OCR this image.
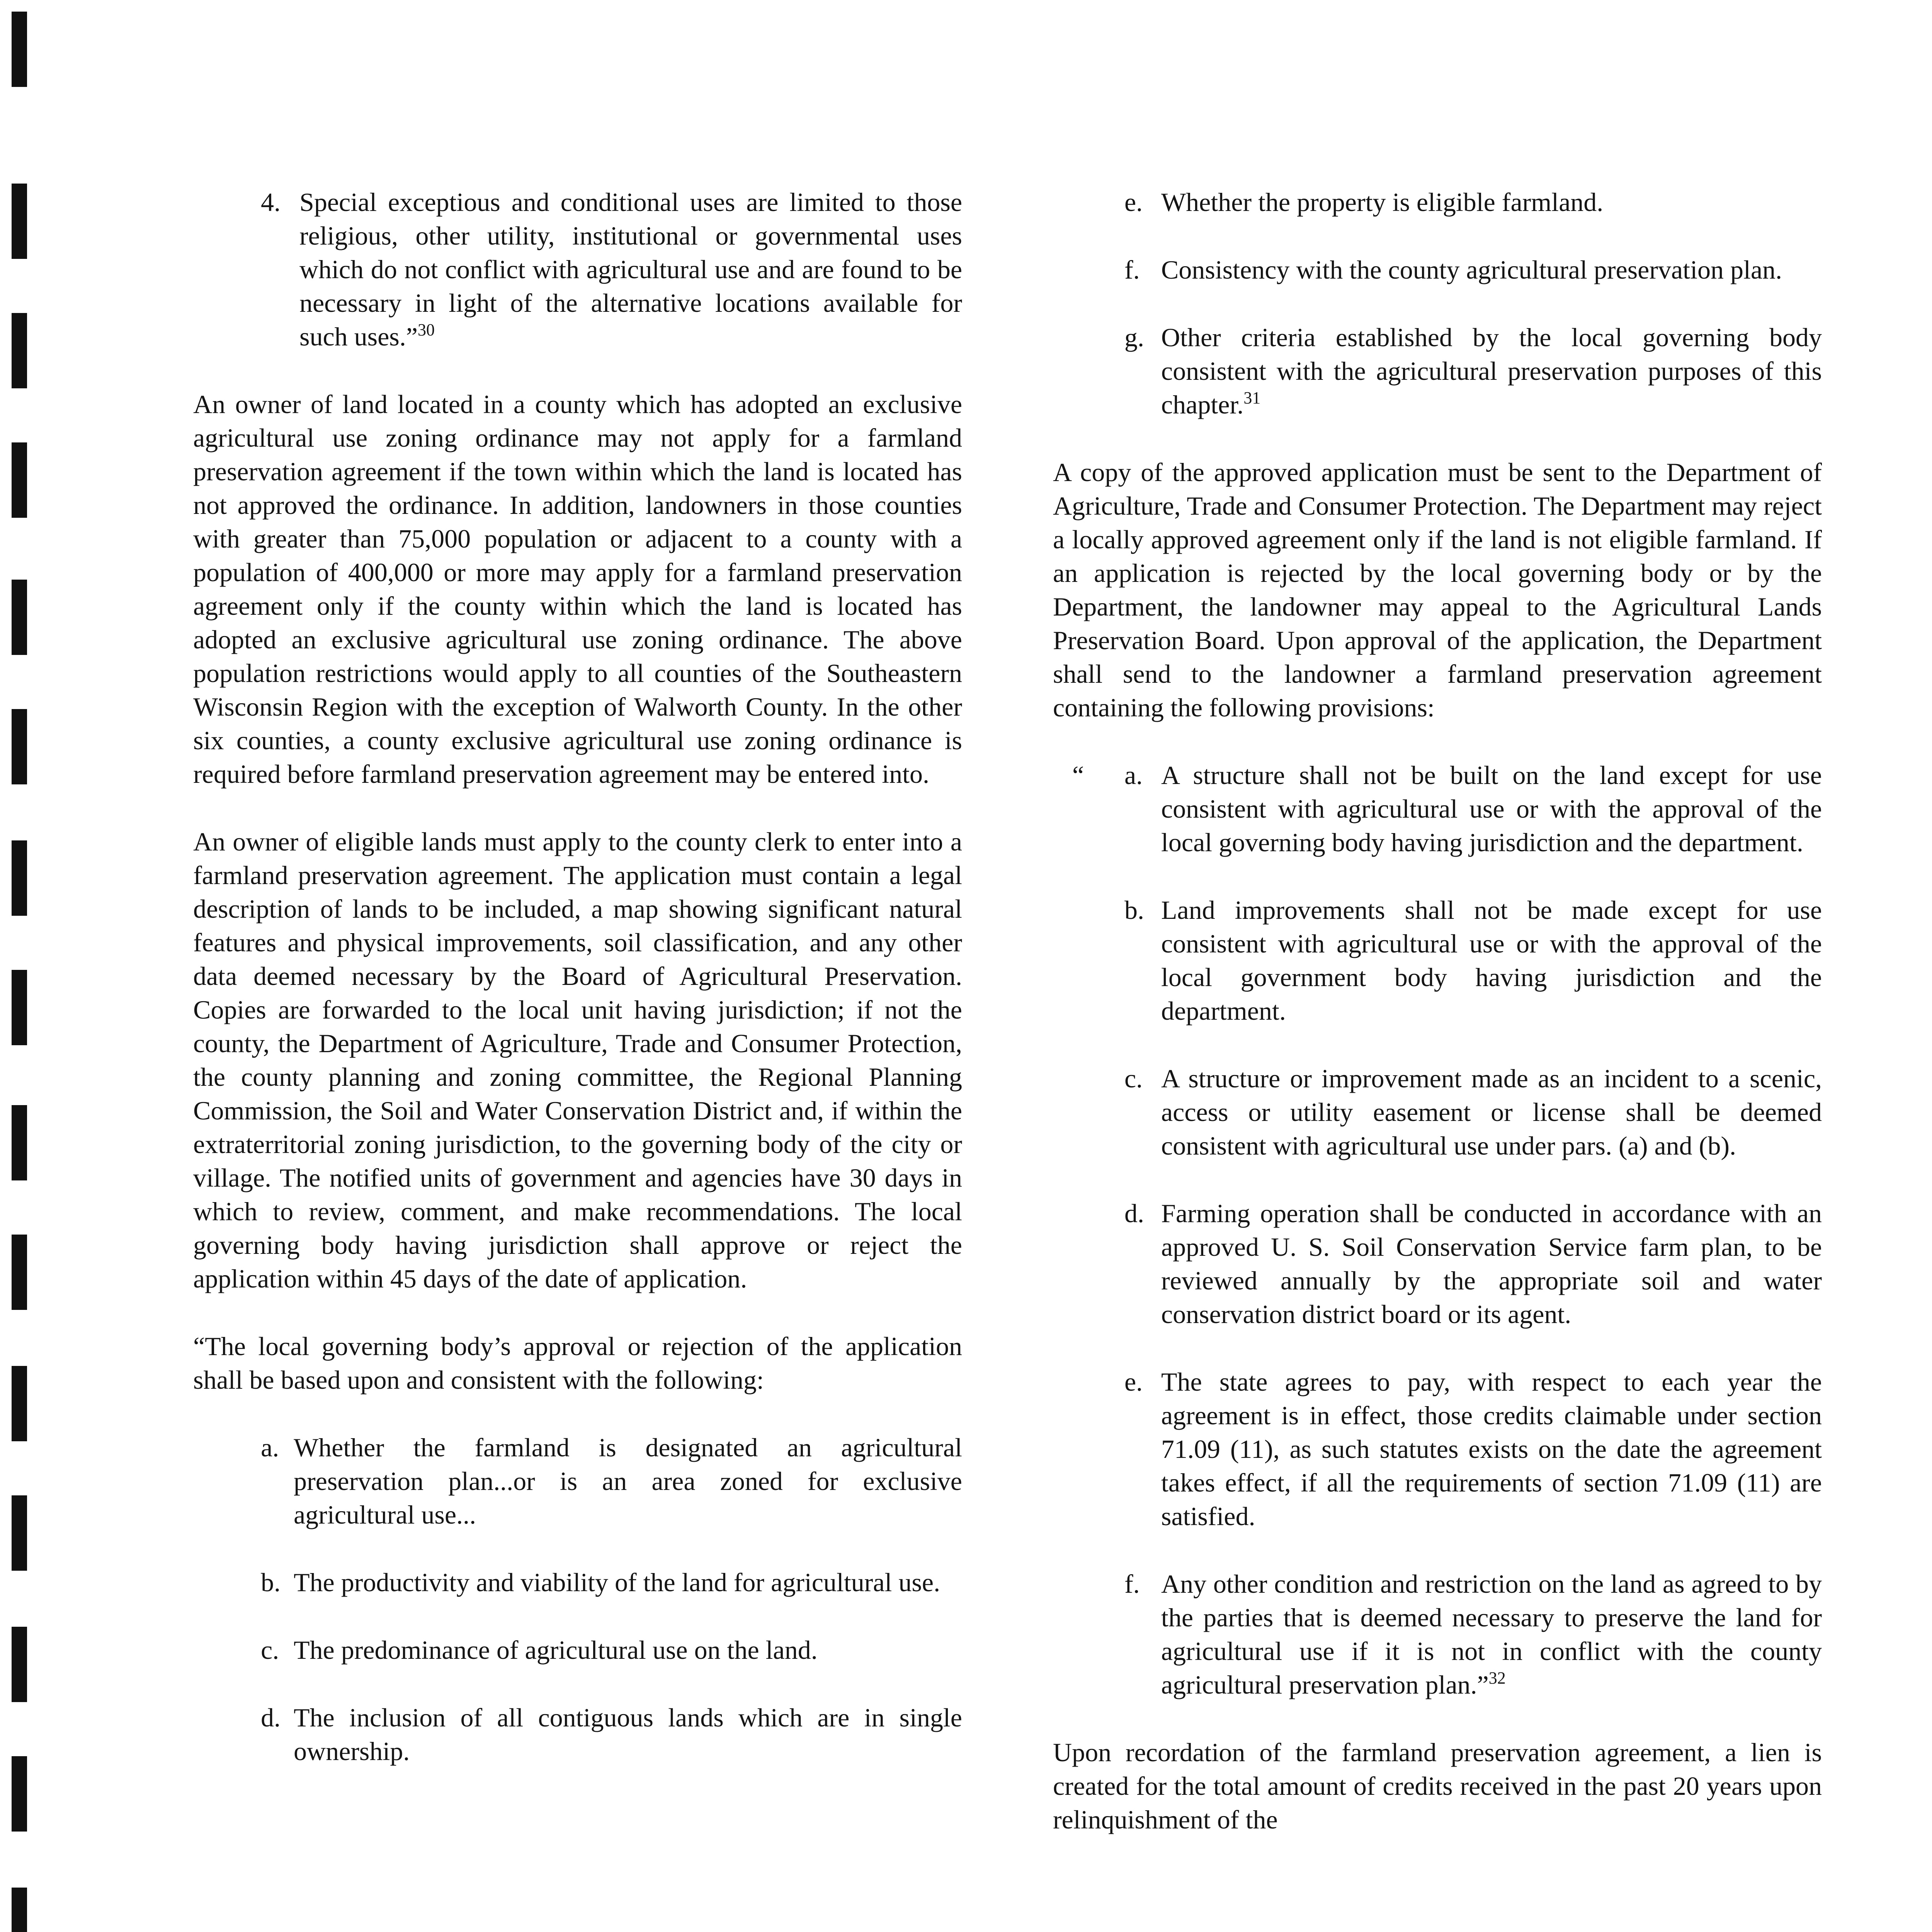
4. Special exceptious and conditional uses are limited to those religious, other utility, institutional or governmental uses which do not conflict with agricultural use and are found to be necessary in light of the alternative locations available for such uses.”$^{30}$

An owner of land located in a county which has adopted an exclusive agricultural use zoning ordinance may not apply for a farmland preservation agreement if the town within which the land is located has not approved the ordinance. In addition, landowners in those counties with greater than 75,000 population or adjacent to a county with a population of 400,000 or more may apply for a farmland preservation agreement only if the county within which the land is located has adopted an exclusive agricultural use zoning ordinance. The above population restrictions would apply to all counties of the Southeastern Wisconsin Region with the exception of Walworth County. In the other six counties, a county exclusive agricultural use zoning ordinance is required before farmland preservation agreement may be entered into.

An owner of eligible lands must apply to the county clerk to enter into a farmland preservation agreement. The application must contain a legal description of lands to be included, a map showing significant natural features and physical improvements, soil classification, and any other data deemed necessary by the Board of Agricultural Preservation. Copies are forwarded to the local unit having jurisdiction; if not the county, the Department of Agriculture, Trade and Consumer Protection, the county planning and zoning committee, the Regional Planning Commission, the Soil and Water Conservation District and, if within the extraterritorial zoning jurisdiction, to the governing body of the city or village. The notified units of government and agencies have 30 days in which to review, comment, and make recommendations. The local governing body having jurisdiction shall approve or reject the application within 45 days of the date of application.

“The local governing body’s approval or rejection of the application shall be based upon and consistent with the following:

a. Whether the farmland is designated an agricultural preservation plan...or is an area zoned for exclusive agricultural use...
b. The productivity and viability of the land for agricultural use.
c. The predominance of agricultural use on the land.
d. The inclusion of all contiguous lands which are in single ownership.
e. Whether the property is eligible farmland.
f. Consistency with the county agricultural preservation plan.
g. Other criteria established by the local governing body consistent with the agricultural preservation purposes of this chapter.$^{31}$

A copy of the approved application must be sent to the Department of Agriculture, Trade and Consumer Protection. The Department may reject a locally approved agreement only if the land is not eligible farmland. If an application is rejected by the local governing body or by the Department, the landowner may appeal to the Agricultural Lands Preservation Board. Upon approval of the application, the Department shall send to the landowner a farmland preservation agreement containing the following provisions:

“ a. A structure shall not be built on the land except for use consistent with agricultural use or with the approval of the local governing body having jurisdiction and the department.
b. Land improvements shall not be made except for use consistent with agricultural use or with the approval of the local government body having jurisdiction and the department.
c. A structure or improvement made as an incident to a scenic, access or utility easement or license shall be deemed consistent with agricultural use under pars. (a) and (b).
d. Farming operation shall be conducted in accordance with an approved U. S. Soil Conservation Service farm plan, to be reviewed annually by the appropriate soil and water conservation district board or its agent.
e. The state agrees to pay, with respect to each year the agreement is in effect, those credits claimable under section 71.09 (11), as such statutes exists on the date the agreement takes effect, if all the requirements of section 71.09 (11) are satisfied.
f. Any other condition and restriction on the land as agreed to by the parties that is deemed necessary to preserve the land for agricultural use if it is not in conflict with the county agricultural preservation plan.”$^{32}$

Upon recordation of the farmland preservation agreement, a lien is created for the total amount of credits received in the past 20 years upon relinquishment of the
